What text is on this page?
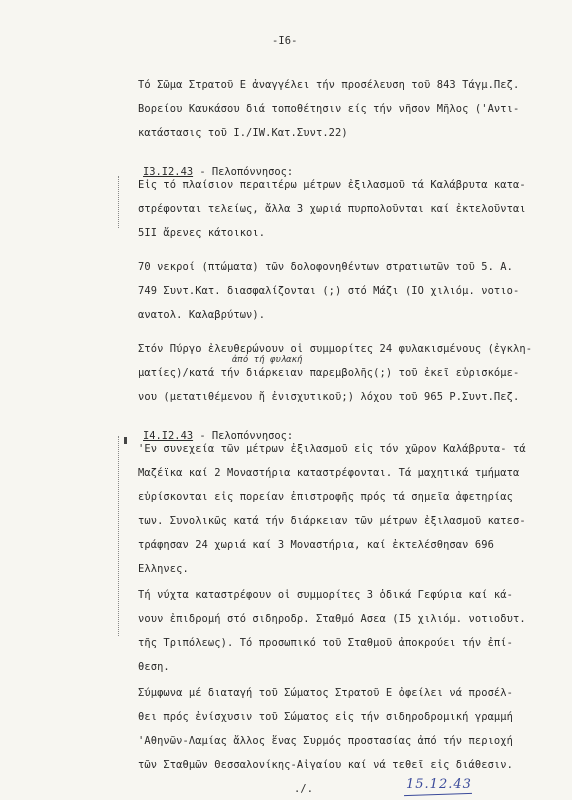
-I6-
Τό Σῶμα Στρατοῦ Ε ἀναγγέλει τήν προσέλευση τοῦ 843 Τάγμ.Πεζ.
Βορείου Καυκάσου διά τοποθέτησιν είς τήν νῆσον Μῆλος ('Αντι-
κατάστασις τοῦ Ι./IW.Κατ.Συντ.22)

I3.I2.43 - Πελοπόννησος:

Εἰς τό πλαίσιον περαιτέρω μέτρων ἐξιλασμοῦ τά Καλάβρυτα κατα-
στρέφονται τελείως, ἄλλα 3 χωριά πυρπολοῦνται καί ἐκτελοῦνται
5II ἄρενες κάτοικοι.
70 νεκροί (πτώματα) τῶν δολοφονηθέντων στρατιωτῶν τοῦ 5. Α.
749 Συντ.Κατ. διασφαλίζονται (;) στό Μάζι (IO χιλιόμ. νοτιο-
ανατολ. Καλαβρύτων).
Στόν Πύργο ἐλευθερώνουν οἱ συμμορίτες 24 φυλακισμένους (ἐγκλη-
ἀπό τή φυλακή
ματίες)/κατά τήν διάρκειαν παρεμβολῆς(;) τοῦ ἐκεῖ εὑρισκόμε-
νου (μετατιθέμενου ἤ ἐνισχυτικοῦ;) λόχου τοῦ 965 Ρ.Συντ.Πεζ.

I4.I2.43 - Πελοπόννησος:

'Εν συνεχεία τῶν μέτρων ἐξιλασμοῦ εἰς τόν χῶρον Καλάβρυτα- τά
Μαζέϊκα καί 2 Μοναστήρια καταστρέφονται. Τά μαχητικά τμήματα
εὑρίσκονται εἰς πορείαν ἐπιστροφῆς πρός τά σημεῖα ἀφετηρίας
των. Συνολικῶς κατά τήν διάρκειαν τῶν μέτρων ἐξιλασμοῦ κατεσ-
τράφησαν 24 χωριά καί 3 Μοναστήρια, καί ἐκτελέσθησαν 696
Ελληνες.
Τή νύχτα καταστρέφουν οἱ συμμορίτες 3 ὁδικά Γεφύρια καί κά-
νουν ἐπιδρομή στό σιδηροδρ. Σταθμό Ασεα (I5 χιλιόμ. νοτιοδυτ.
τῆς Τριπόλεως). Τό προσωπικό τοῦ Σταθμοῦ ἀποκρούει τήν ἐπί-
θεση.
Σύμφωνα μέ διαταγή τοῦ Σώματος Στρατοῦ Ε ὀφείλει νά προσέλ-
θει πρός ἐνίσχυσιν τοῦ Σώματος εἰς τήν σιδηροδρομική γραμμή
'Αθηνῶν-Λαμίας ἄλλος ἕνας Συρμός προστασίας ἀπό τήν περιοχή
τῶν Σταθμῶν Θεσσαλονίκης-Αἰγαίου καί νά τεθεῖ εἰς διάθεσιν.
./.	15.12.43
